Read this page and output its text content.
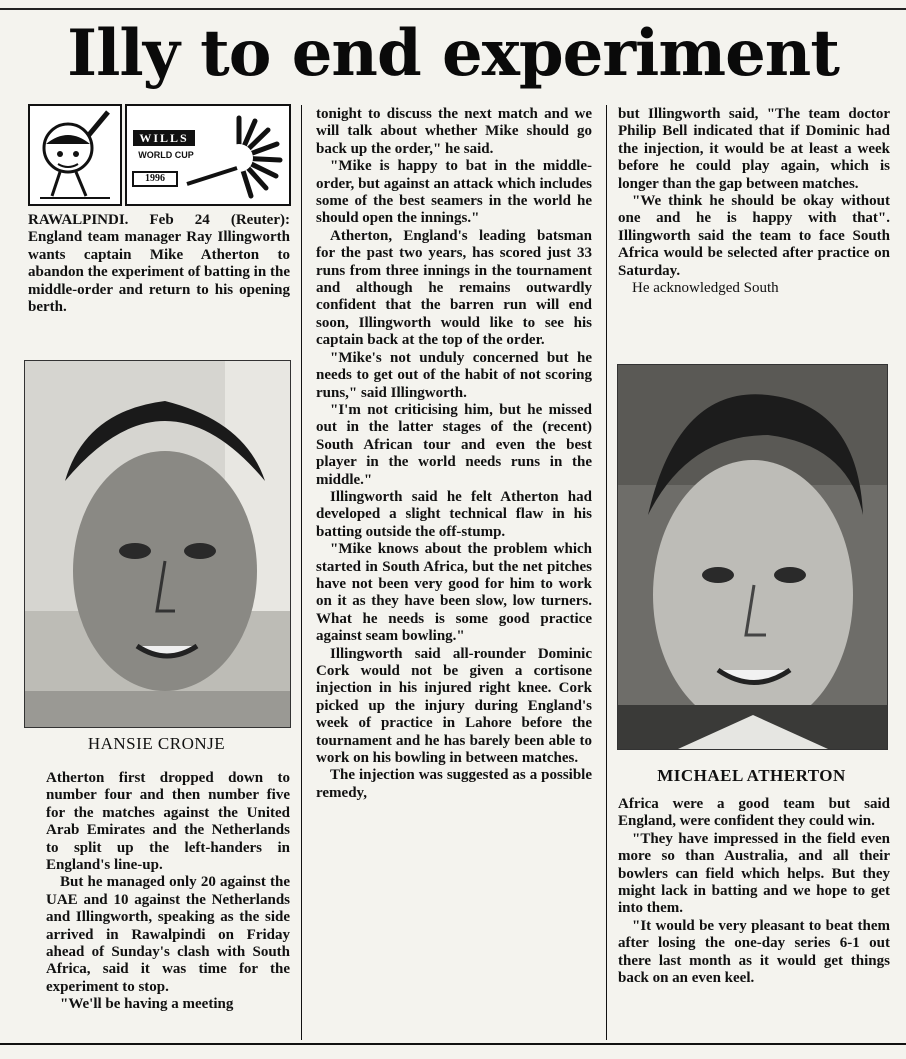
Illy to end experiment
WILLS
WORLD CUP
1996

RAWALPINDI. Feb 24 (Reuter): England team manager Ray Illingworth wants captain Mike Atherton to abandon the experiment of batting in the middle-order and return to his opening berth.

HANSIE CRONJE

Atherton first dropped down to number four and then number five for the matches against the United Arab Emirates and the Netherlands to split up the left-handers in England's line-up.

But he managed only 20 against the UAE and 10 against the Netherlands and Illingworth, speaking as the side arrived in Rawalpindi on Friday ahead of Sunday's clash with South Africa, said it was time for the experiment to stop.

"We'll be having a meeting

tonight to discuss the next match and we will talk about whether Mike should go back up the order," he said.

"Mike is happy to bat in the middle-order, but against an attack which includes some of the best seamers in the world he should open the innings."

Atherton, England's leading batsman for the past two years, has scored just 33 runs from three innings in the tournament and although he remains outwardly confident that the barren run will end soon, Illingworth would like to see his captain back at the top of the order.

"Mike's not unduly concerned but he needs to get out of the habit of not scoring runs," said Illingworth.

"I'm not criticising him, but he missed out in the latter stages of the (recent) South African tour and even the best player in the world needs runs in the middle."

Illingworth said he felt Atherton had developed a slight technical flaw in his batting outside the off-stump.

"Mike knows about the problem which started in South Africa, but the net pitches have not been very good for him to work on it as they have been slow, low turners. What he needs is some good practice against seam bowling."

Illingworth said all-rounder Dominic Cork would not be given a cortisone injection in his injured right knee. Cork picked up the injury during England's week of practice in Lahore before the tournament and he has barely been able to work on his bowling in between matches.

The injection was suggested as a possible remedy,

but Illingworth said, "The team doctor Philip Bell indicated that if Dominic had the injection, it would be at least a week before he could play again, which is longer than the gap between matches.

"We think he should be okay without one and he is happy with that". Illingworth said the team to face South Africa would be selected after practice on Saturday.

He acknowledged South

MICHAEL ATHERTON

Africa were a good team but said England, were confident they could win.

"They have impressed in the field even more so than Australia, and all their bowlers can field which helps. But they might lack in batting and we hope to get into them.

"It would be very pleasant to beat them after losing the one-day series 6-1 out there last month as it would get things back on an even keel.
